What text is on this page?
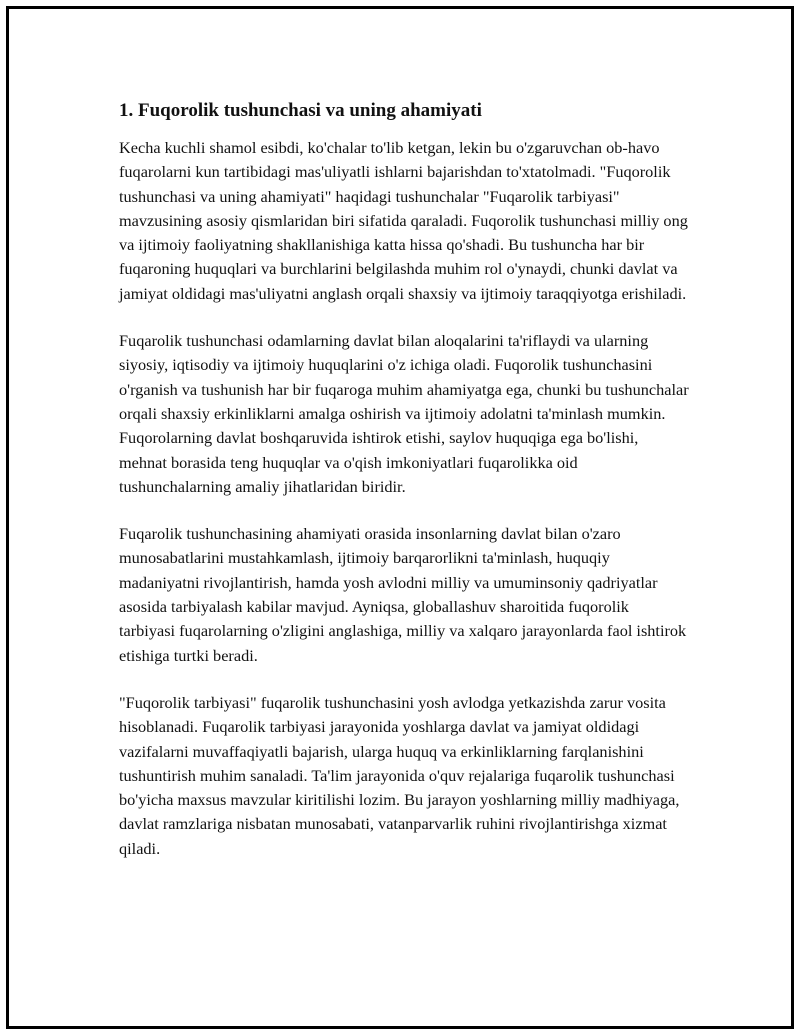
1. Fuqorolik tushunchasi va uning ahamiyati

Kecha kuchli shamol esibdi, ko'chalar to'lib ketgan, lekin bu o'zgaruvchan ob-havo fuqarolarni kun tartibidagi mas'uliyatli ishlarni bajarishdan to'xtatolmadi. "Fuqorolik tushunchasi va uning ahamiyati" haqidagi tushunchalar "Fuqarolik tarbiyasi" mavzusining asosiy qismlaridan biri sifatida qaraladi. Fuqorolik tushunchasi milliy ong va ijtimoiy faoliyatning shakllanishiga katta hissa qo'shadi. Bu tushuncha har bir fuqaroning huquqlari va burchlarini belgilashda muhim rol o'ynaydi, chunki davlat va jamiyat oldidagi mas'uliyatni anglash orqali shaxsiy va ijtimoiy taraqqiyotga erishiladi.

Fuqarolik tushunchasi odamlarning davlat bilan aloqalarini ta'riflaydi va ularning siyosiy, iqtisodiy va ijtimoiy huquqlarini o'z ichiga oladi. Fuqorolik tushunchasini o'rganish va tushunish har bir fuqaroga muhim ahamiyatga ega, chunki bu tushunchalar orqali shaxsiy erkinliklarni amalga oshirish va ijtimoiy adolatni ta'minlash mumkin. Fuqorolarning davlat boshqaruvida ishtirok etishi, saylov huquqiga ega bo'lishi, mehnat borasida teng huquqlar va o'qish imkoniyatlari fuqarolikka oid tushunchalarning amaliy jihatlaridan biridir.

Fuqarolik tushunchasining ahamiyati orasida insonlarning davlat bilan o'zaro munosabatlarini mustahkamlash, ijtimoiy barqarorlikni ta'minlash, huquqiy madaniyatni rivojlantirish, hamda yosh avlodni milliy va umuminsoniy qadriyatlar asosida tarbiyalash kabilar mavjud. Ayniqsa, globallashuv sharoitida fuqorolik tarbiyasi fuqarolarning o'zligini anglashiga, milliy va xalqaro jarayonlarda faol ishtirok etishiga turtki beradi.

"Fuqorolik tarbiyasi" fuqarolik tushunchasini yosh avlodga yetkazishda zarur vosita hisoblanadi. Fuqarolik tarbiyasi jarayonida yoshlarga davlat va jamiyat oldidagi vazifalarni muvaffaqiyatli bajarish, ularga huquq va erkinliklarning farqlanishini tushuntirish muhim sanaladi. Ta'lim jarayonida o'quv rejalariga fuqarolik tushunchasi bo'yicha maxsus mavzular kiritilishi lozim. Bu jarayon yoshlarning milliy madhiyaga, davlat ramzlariga nisbatan munosabati, vatanparvarlik ruhini rivojlantirishga xizmat qiladi.
